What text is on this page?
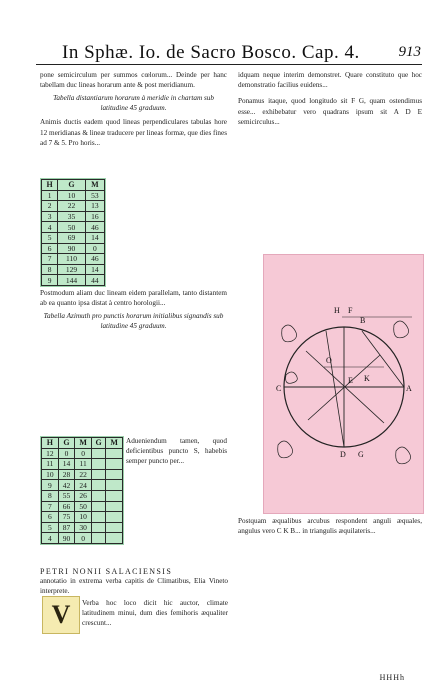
In Sphæ. Io. de Sacro Bosco. Cap. 4.	913

pone semicirculum per summos cœlorum... Deinde per hanc tabellam duc lineas horarum ante & post meridianum.

Tabella distantiarum horarum à meridie in chartam sub latitudine 45 graduum.

Animis ductis eadem quod lineas perpendiculares tabulas hore 12 meridianas & lineæ traducere per lineas formæ, que dies fines ad 7 & 5. Pro horis...

H	G	M
1	10	53
2	22	13
3	35	16
4	50	46
5	69	14
6	90	0
7	110	46
8	129	14
9	144	44

Postmodum aliam duc lineam eidem parallelam, tanto distantem ab ea quanto ipsa distat à centro horologii...

Tabella Azimuth pro punctis horarum initialibus signandis sub latitudine 45 graduum.
H	G	M	G	M
12	0	0		
11	14	11		
10	28	22		
9	42	24		
8	55	26		
7	66	50		
6	75	10		
5	87	30		
4	90	0		

Adueniendum tamen, quod deficientibus puncto S, habebis semper puncto per...

PETRI NONII SALACIENSIS
annotatio in extrema verba capitis de Climatibus, Elia Vineto interprete.
V	Verba hoc loco dicit hic auctor, climate latitudinem minui, dum dies femihoris æqualiter crescunt...

idquam neque interim demonstret. Quare constituto que hoc demonstratio facilius euidens...

Ponamus itaque, quod longitudo sit F G, quam ostendimus esse... exhibebatur vero quadrans ipsum sit A D E semicirculus...

H F
B
A
C
K
O
D G
E

Postquam æqualibus arcubus respondent anguli æquales, angulus vero C K B... in triangulis æquilateris...

HHHh
